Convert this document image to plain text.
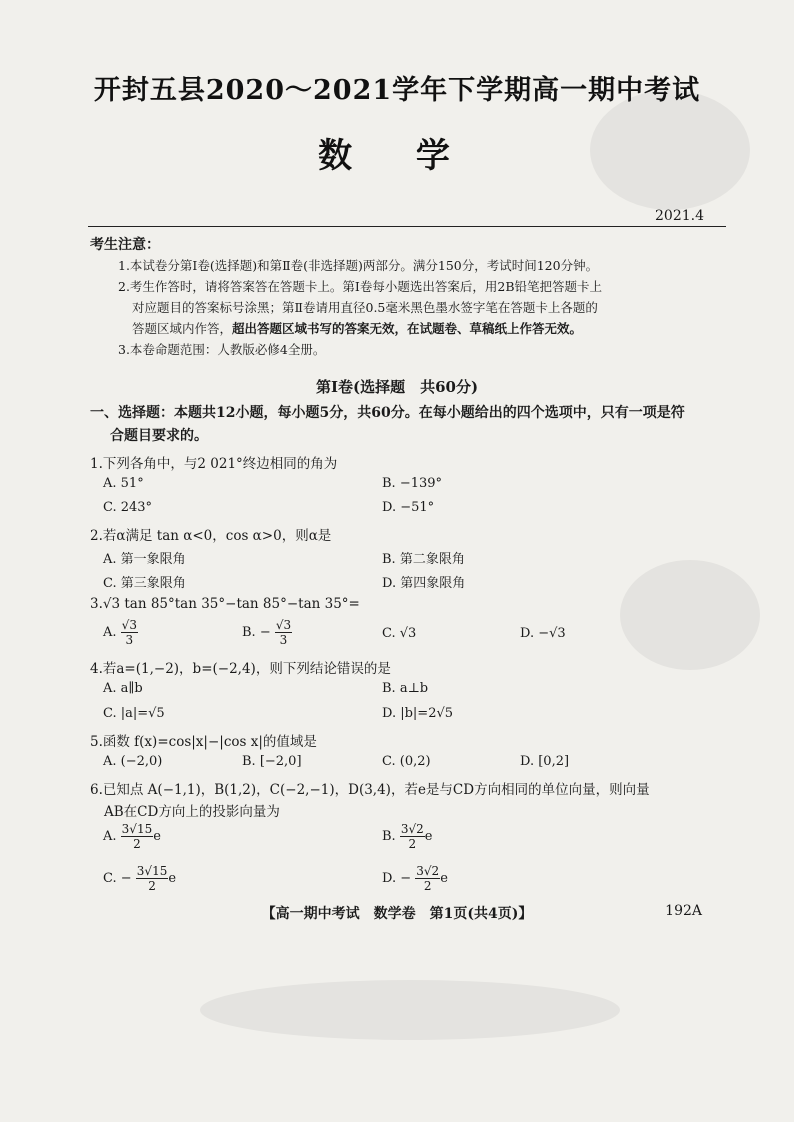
开封五县2020～2021学年下学期高一期中考试
数 学
2021.4
考生注意：
1.本试卷分第Ⅰ卷(选择题)和第Ⅱ卷(非选择题)两部分。满分150分，考试时间120分钟。
2.考生作答时，请将答案答在答题卡上。第Ⅰ卷每小题选出答案后，用2B铅笔把答题卡上
对应题目的答案标号涂黑；第Ⅱ卷请用直径0.5毫米黑色墨水签字笔在答题卡上各题的
答题区域内作答，超出答题区域书写的答案无效，在试题卷、草稿纸上作答无效。
3.本卷命题范围：人教版必修4全册。
第Ⅰ卷(选择题　共60分)
一、选择题：本题共12小题，每小题5分，共60分。在每小题给出的四个选项中，只有一项是符
合题目要求的。
1.下列各角中，与2 021°终边相同的角为
A. 51°	B. −139°
C. 243°	D. −51°
2.若α满足 tan α<0，cos α>0，则α是
A. 第一象限角	B. 第二象限角
C. 第三象限角	D. 第四象限角
3.√3 tan 85°tan 35°−tan 85°−tan 35°=
A. $\frac{√3}{3}$	B. − $\frac{√3}{3}$	C. √3	D. −√3
4.若a=(1,−2)，b=(−2,4)，则下列结论错误的是
A. a∥b	B. a⊥b
C. |a|=√5	D. |b|=2√5
5.函数 f(x)=cos|x|−|cos x|的值域是
A. (−2,0)	B. [−2,0]	C. (0,2)	D. [0,2]
6.已知点 A(−1,1)，B(1,2)，C(−2,−1)，D(3,4)，若e是与CD方向相同的单位向量，则向量
AB在CD方向上的投影向量为
A. $\frac{3√15}{2}$ e	B. $\frac{3√2}{2}$ e
C. − $\frac{3√15}{2}$ e	D. − $\frac{3√2}{2}$ e
【高一期中考试　数学卷　第1页(共4页)】	192A
